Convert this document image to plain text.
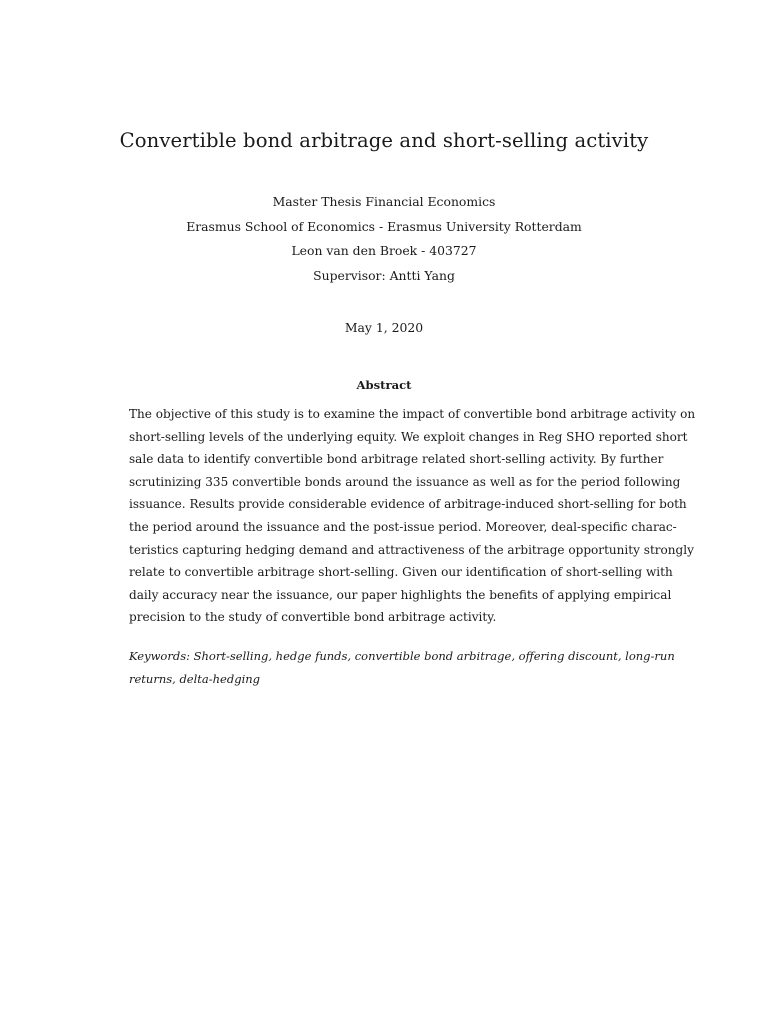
Convertible bond arbitrage and short-selling activity
Master Thesis Financial Economics
Erasmus School of Economics - Erasmus University Rotterdam
Leon van den Broek - 403727
Supervisor: Antti Yang
May 1, 2020
Abstract
The objective of this study is to examine the impact of convertible bond arbitrage activity on
short-selling levels of the underlying equity. We exploit changes in Reg SHO reported short
sale data to identify convertible bond arbitrage related short-selling activity. By further
scrutinizing 335 convertible bonds around the issuance as well as for the period following
issuance. Results provide considerable evidence of arbitrage-induced short-selling for both
the period around the issuance and the post-issue period. Moreover, deal-specific charac-
teristics capturing hedging demand and attractiveness of the arbitrage opportunity strongly
relate to convertible arbitrage short-selling. Given our identification of short-selling with
daily accuracy near the issuance, our paper highlights the benefits of applying empirical
precision to the study of convertible bond arbitrage activity.
Keywords: Short-selling, hedge funds, convertible bond arbitrage, offering discount, long-run
returns, delta-hedging
